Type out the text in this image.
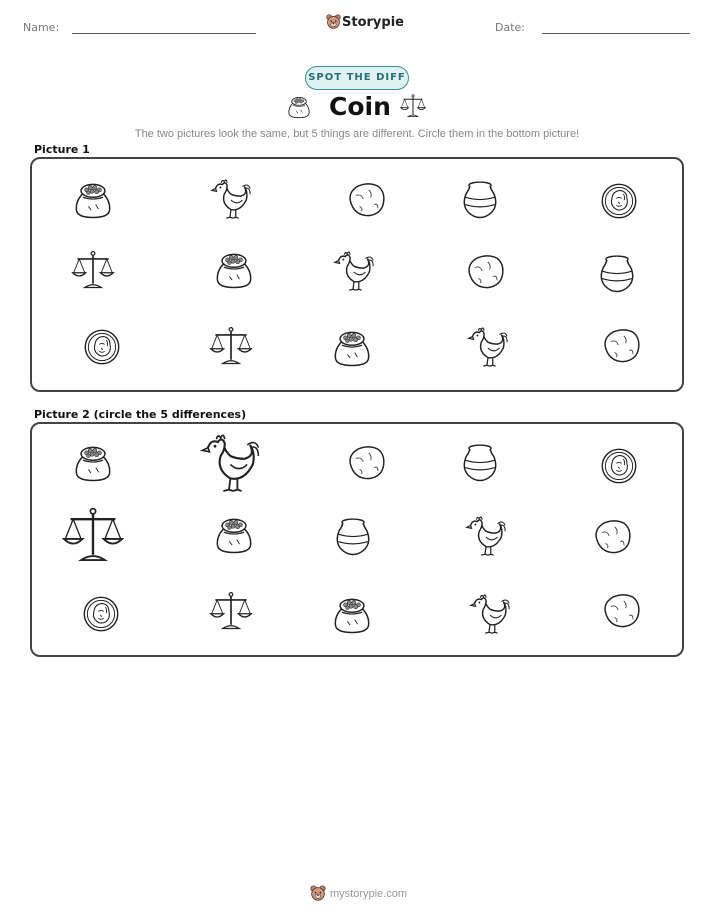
Name:	Storypie	Date:
SPOT THE DIFF
Coin
The two pictures look the same, but 5 things are different. Circle them in the bottom picture!
Picture 1
Picture 2 (circle the 5 differences)
mystorypie.com
